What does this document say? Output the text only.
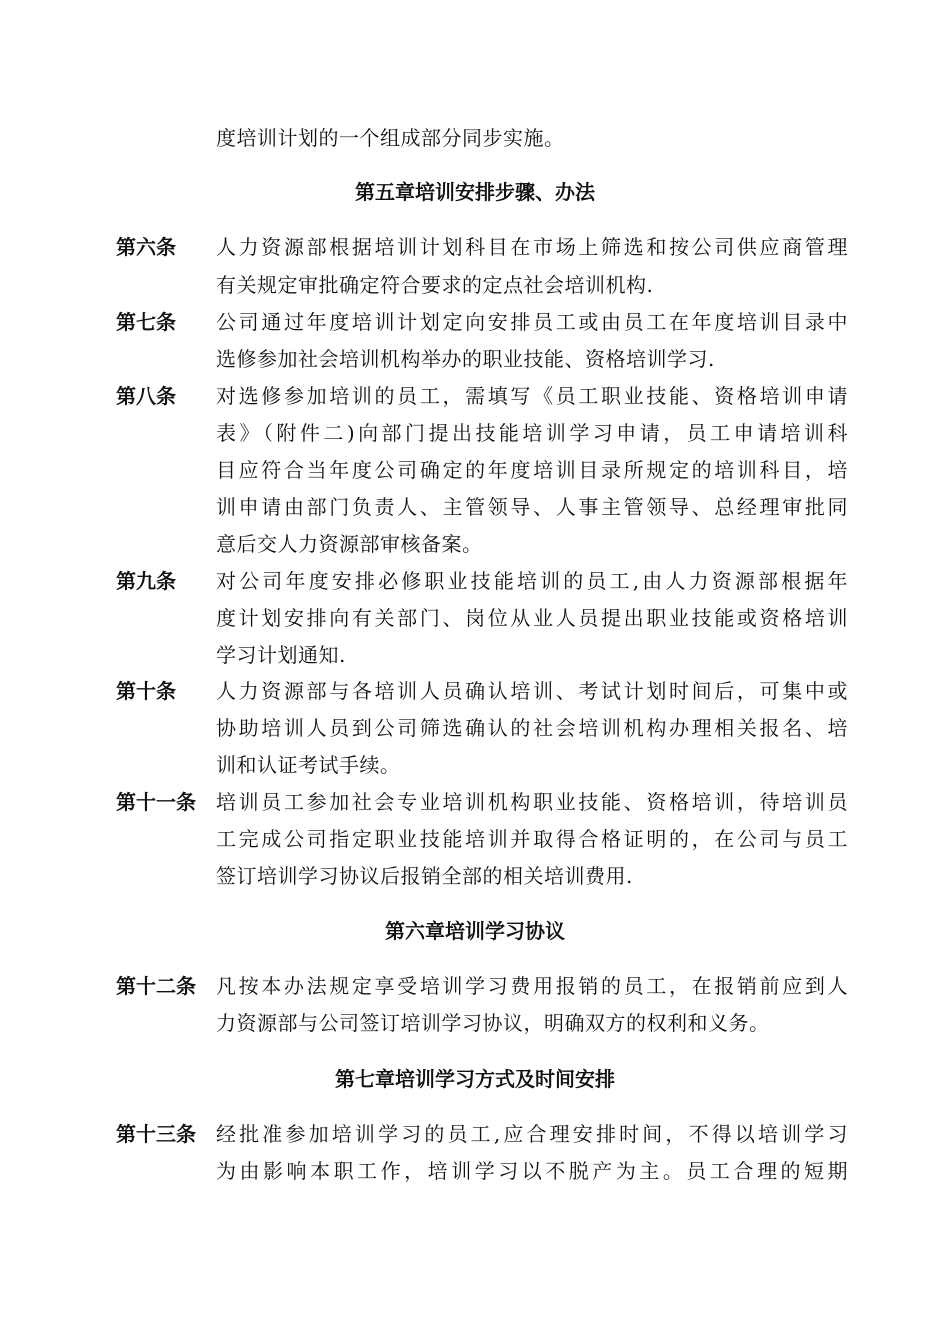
度培训计划的一个组成部分同步实施。
第五章培训安排步骤、办法
第六条 人力资源部根据培训计划科目在市场上筛选和按公司供应商管理
有关规定审批确定符合要求的定点社会培训机构.
第七条 公司通过年度培训计划定向安排员工或由员工在年度培训目录中
选修参加社会培训机构举办的职业技能、资格培训学习.
第八条 对选修参加培训的员工，需填写《员工职业技能、资格培训申请
表》（附件二)向部门提出技能培训学习申请，员工申请培训科
目应符合当年度公司确定的年度培训目录所规定的培训科目，培
训申请由部门负责人、主管领导、人事主管领导、总经理审批同
意后交人力资源部审核备案。
第九条 对公司年度安排必修职业技能培训的员工,由人力资源部根据年
度计划安排向有关部门、岗位从业人员提出职业技能或资格培训
学习计划通知.
第十条 人力资源部与各培训人员确认培训、考试计划时间后，可集中或
协助培训人员到公司筛选确认的社会培训机构办理相关报名、培
训和认证考试手续。
第十一条 培训员工参加社会专业培训机构职业技能、资格培训，待培训员
工完成公司指定职业技能培训并取得合格证明的，在公司与员工
签订培训学习协议后报销全部的相关培训费用.
第六章培训学习协议
第十二条 凡按本办法规定享受培训学习费用报销的员工，在报销前应到人
力资源部与公司签订培训学习协议，明确双方的权利和义务。
第七章培训学习方式及时间安排
第十三条 经批准参加培训学习的员工,应合理安排时间，不得以培训学习
为由影响本职工作，培训学习以不脱产为主。员工合理的短期
